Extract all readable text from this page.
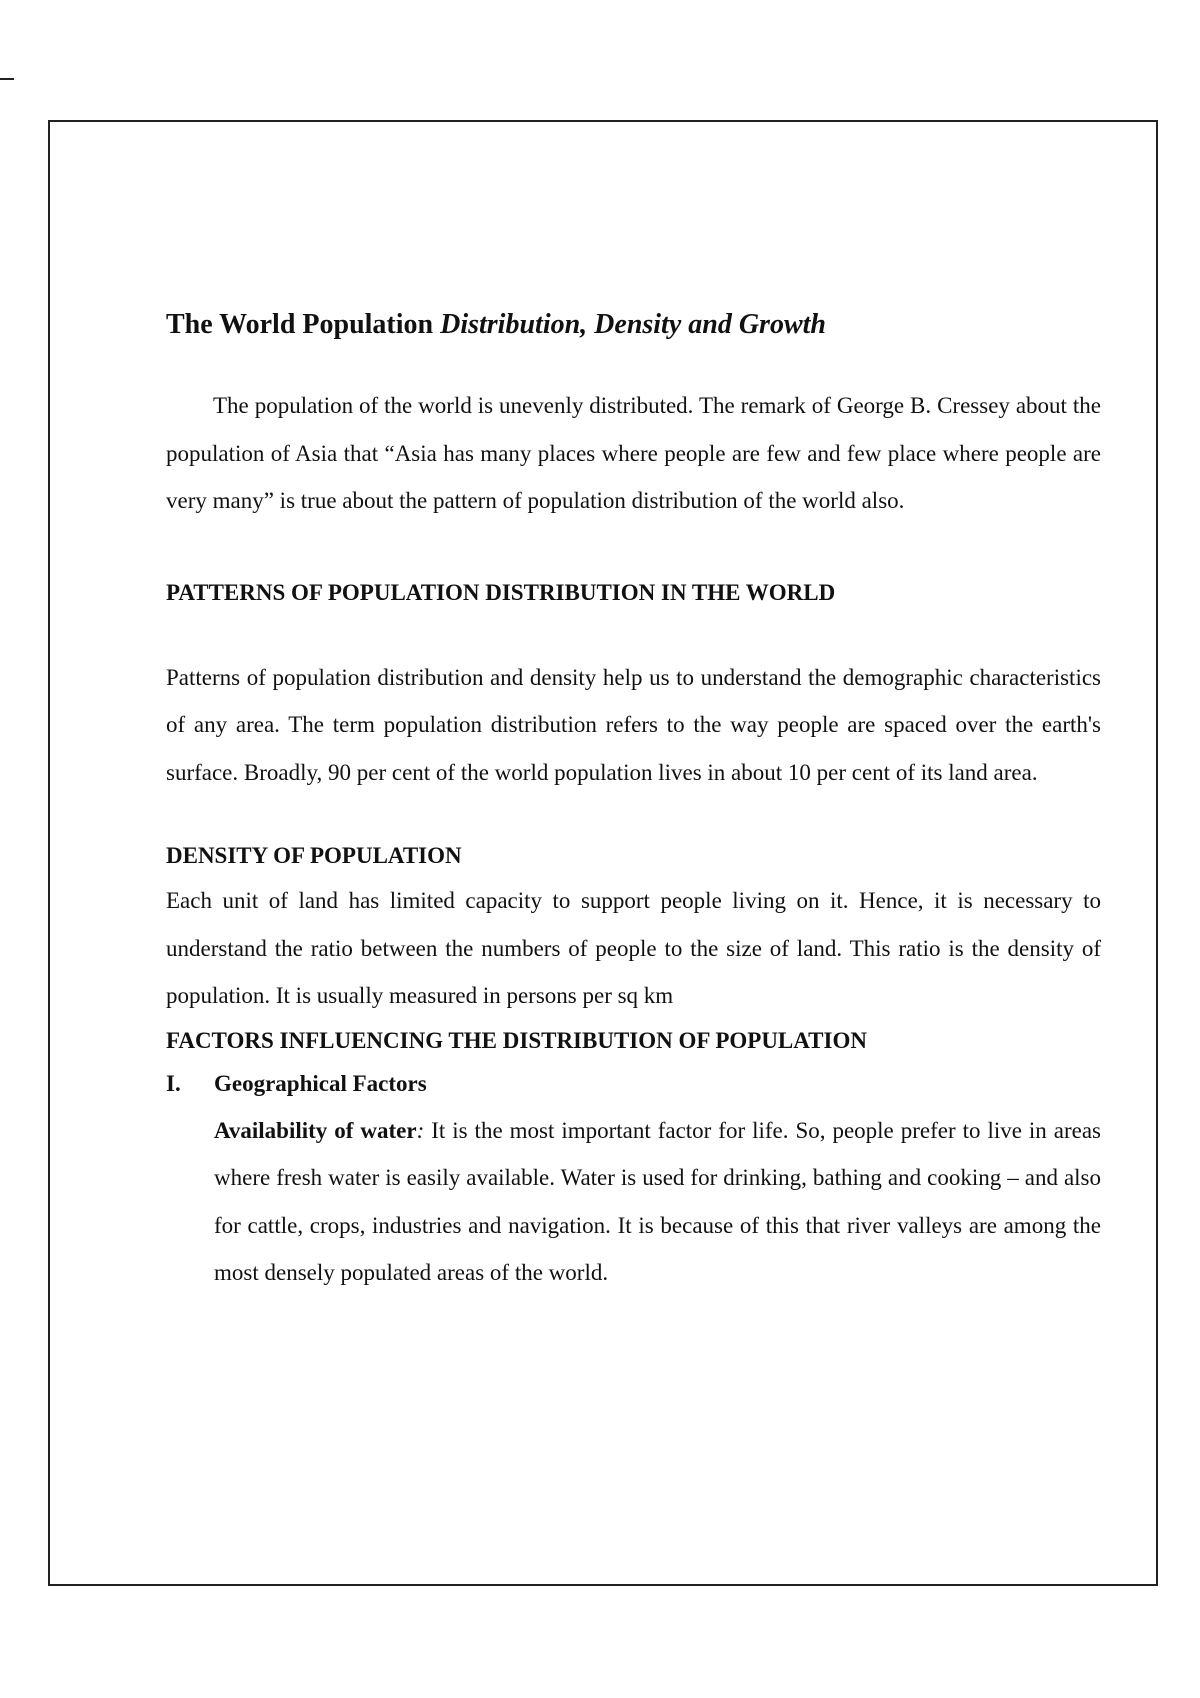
The World Population Distribution, Density and Growth

The population of the world is unevenly distributed. The remark of George B. Cressey about the population of Asia that “Asia has many places where people are few and few place where people are very many” is true about the pattern of population distribution of the world also.

PATTERNS OF POPULATION DISTRIBUTION IN THE WORLD

Patterns of population distribution and density help us to understand the demographic characteristics of any area. The term population distribution refers to the way people are spaced over the earth's surface. Broadly, 90 per cent of the world population lives in about 10 per cent of its land area.

DENSITY OF POPULATION

Each unit of land has limited capacity to support people living on it. Hence, it is necessary to understand the ratio between the numbers of people to the size of land. This ratio is the density of population. It is usually measured in persons per sq km

FACTORS INFLUENCING THE DISTRIBUTION OF POPULATION
I.	Geographical Factors

Availability of water: It is the most important factor for life. So, people prefer to live in areas where fresh water is easily available. Water is used for drinking, bathing and cooking – and also for cattle, crops, industries and navigation. It is because of this that river valleys are among the most densely populated areas of the world.
